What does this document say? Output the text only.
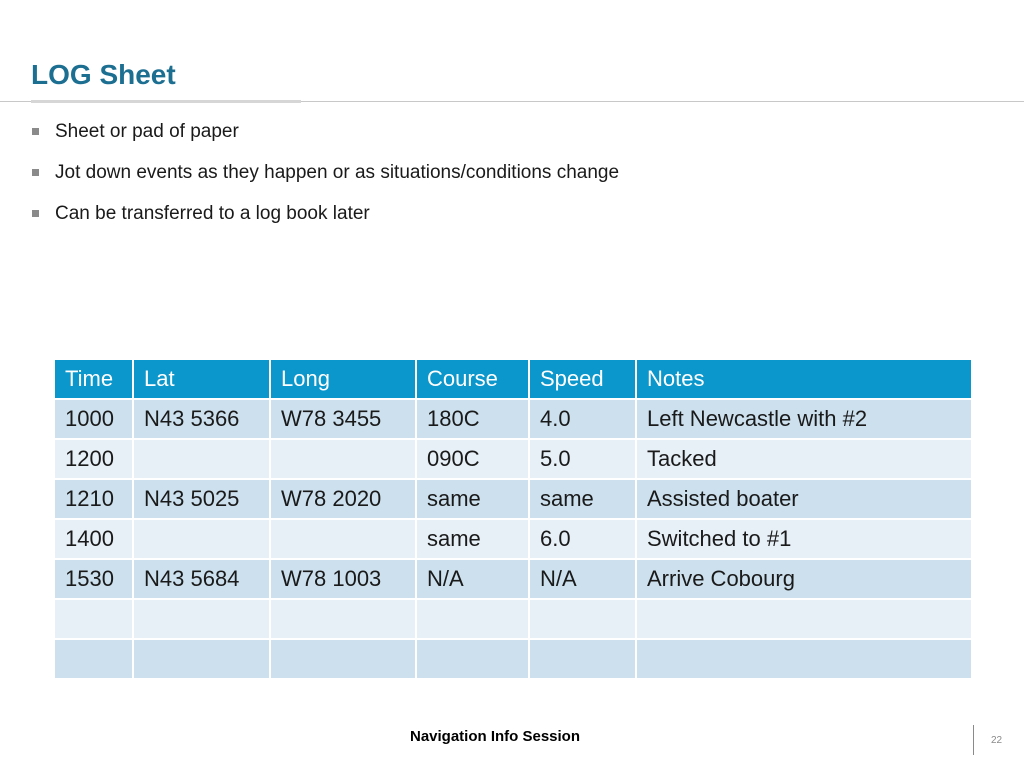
LOG Sheet
Sheet or pad of paper
Jot down events as they happen or as situations/conditions change
Can be transferred to a log book later
Time	Lat	Long	Course	Speed	Notes
1000	N43 5366	W78 3455	180C	4.0	Left Newcastle with #2
1200			090C	5.0	Tacked
1210	N43 5025	W78 2020	same	same	Assisted boater
1400			same	6.0	Switched to #1
1530	N43 5684	W78 1003	N/A	N/A	Arrive Cobourg

Navigation Info Session	22
